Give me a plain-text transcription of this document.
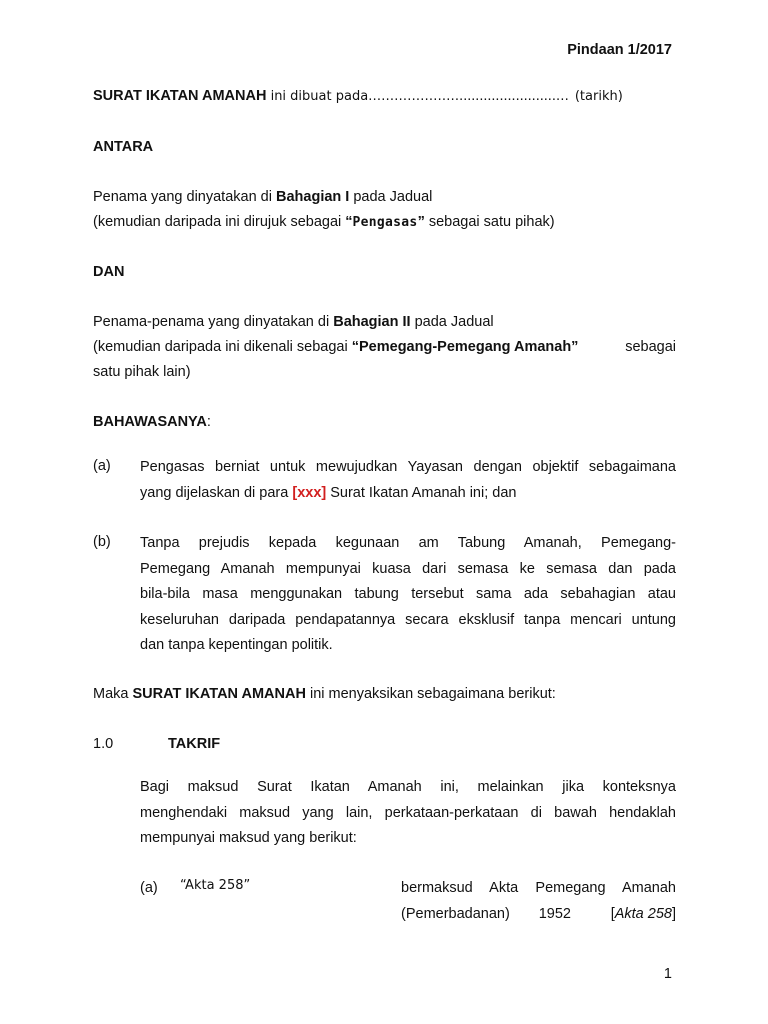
Pindaan 1/2017
SURAT IKATAN AMANAH ini dibuat pada…………………........................… (tarikh)
ANTARA
Penama yang dinyatakan di Bahagian I pada Jadual
(kemudian daripada ini dirujuk sebagai “Pengasas” sebagai satu pihak)
DAN
Penama-penama yang dinyatakan di Bahagian II pada Jadual
(kemudian daripada ini dikenali sebagai “Pemegang-Pemegang Amanah”	sebagai
satu pihak lain)
BAHAWASANYA:
(a) Pengasas berniat untuk mewujudkan Yayasan dengan objektif sebagaimana
yang dijelaskan di para [xxx] Surat Ikatan Amanah ini; dan
(b) Tanpa prejudis kepada kegunaan am Tabung Amanah, Pemegang-
Pemegang Amanah mempunyai kuasa dari semasa ke semasa dan pada
bila-bila masa menggunakan tabung tersebut sama ada sebahagian atau
keseluruhan daripada pendapatannya secara eksklusif tanpa mencari untung
dan tanpa kepentingan politik.
Maka SURAT IKATAN AMANAH ini menyaksikan sebagaimana berikut:
1.0	TAKRIF
Bagi maksud Surat Ikatan Amanah ini, melainkan jika konteksnya
menghendaki maksud yang lain, perkataan-perkataan di bawah hendaklah
mempunyai maksud yang berikut:
(a) “Akta 258”	bermaksud Akta Pemegang Amanah
(Pemerbadanan) 1952	[Akta 258]
1
